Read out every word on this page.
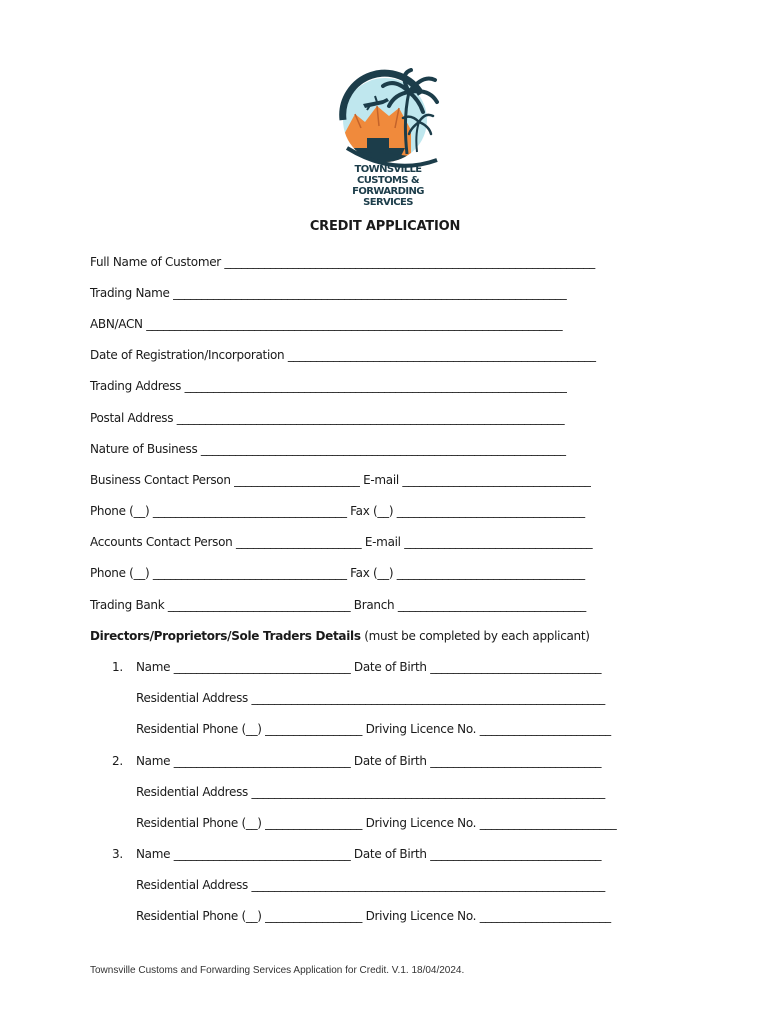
TOWNSVILLE CUSTOMS &
FORWARDING SERVICES
CREDIT APPLICATION
Full Name of Customer _________________________________________________________________
Trading Name _____________________________________________________________________
ABN/ACN _________________________________________________________________________
Date of Registration/Incorporation ______________________________________________________
Trading Address ___________________________________________________________________
Postal Address ____________________________________________________________________
Nature of Business ________________________________________________________________
Business Contact Person ______________________ E-mail _________________________________
Phone (__) __________________________________ Fax (__) _________________________________
Accounts Contact Person ______________________ E-mail _________________________________
Phone (__) __________________________________ Fax (__) _________________________________
Trading Bank ________________________________ Branch _________________________________
Directors/Proprietors/Sole Traders Details (must be completed by each applicant)
1. Name _______________________________ Date of Birth ______________________________
Residential Address ______________________________________________________________
Residential Phone (__) _________________ Driving Licence No. _______________________
2. Name _______________________________ Date of Birth ______________________________
Residential Address ______________________________________________________________
Residential Phone (__) _________________ Driving Licence No. ________________________
3. Name _______________________________ Date of Birth ______________________________
Residential Address ______________________________________________________________
Residential Phone (__) _________________ Driving Licence No. _______________________
Townsville Customs and Forwarding Services Application for Credit. V.1. 18/04/2024.
